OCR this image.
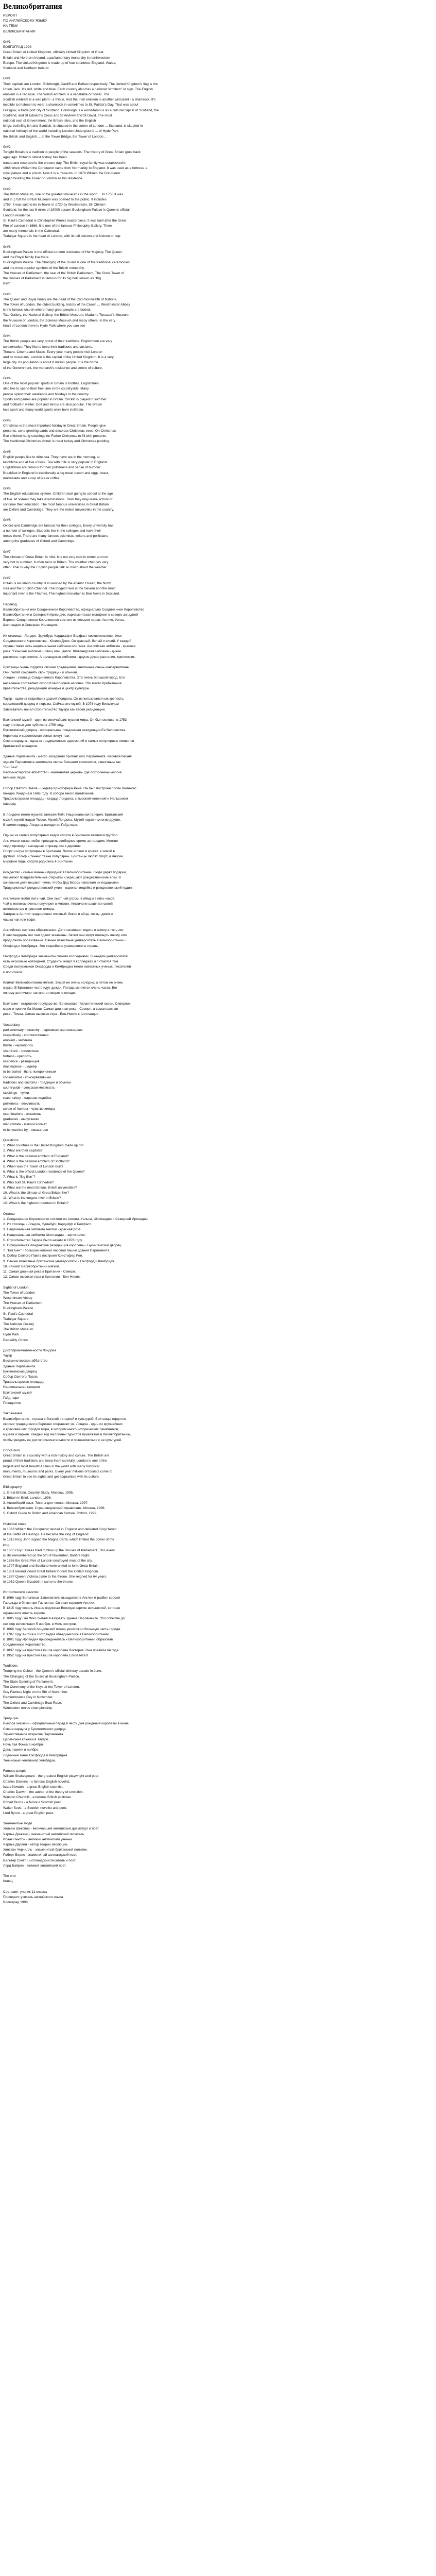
Великобритания
REPORT
ПО АНГЛИЙСКОМУ ЯЗЫКУ
НА ТЕМУ
ВЕЛИКОБРИТАНИЯ
Gr#1
ВОЛГОГРАД 1998
Great Britain or United Kingdom, officially United Kingdom of Great
Britain and Northern Ireland, a parliamentary monarchy in northwestern
Europe. The United Kingdom is made up of four countries: England, Wales,
Scotland and Northern Ireland.
Gr#1
Their capitals are London, Edinburgh, Cardiff and Belfast respectively. The United Kingdom's flag is the
Union Jack. It's red, white and blue. Each country also has a national "emblem" or sign. The English
emblem is a red rose. The Welsh emblem is a vegetable or flower. The
Scottish emblem is a wild plant - a thistle. And the Irish emblem is another wild plant - a shamrock. It's
inedible to Irishmen to wear a shamrock in sometimes to St. Patrick's Day. That was about
Glasgow, a trade port city of Scotland. Edinburgh is a world-famous as a cultural capital of Scotland, the
Scotland, and St Edward's Cross and St Andrew and St David. The most
national seat of Government, the British Isles, and the English
kings, both English and Scottish, is situated in the centre of London ... Scotland, is situated in
national holidays of the world including London Underground ... of Hyde Park
the British and English ... at the Tower Bridge, the Tower of London ...
Gr#2
Tonight Britain is a tradition to people of the seasons. The history of Great Britain goes back
ages ago. Britain's oldest history has been
traced and recorded to the present day. The British royal family was established in
1066 when William the Conqueror came from Normandy to England. It was used as a fortress, a
royal palace and a prison. Now it is a museum. In 1078 William the Conqueror
began building the Tower of London as his residence.
Gr#2
The British Museum, one of the greatest museums in the world ... In 1753 it was
and in 1759 the British Museum was opened to the public. It includes
1759. It was said to be in Tower in 1720 by Westminster, Sir Chiltern
Scotland, for the last 6 miles of 19000 square Buckingham Palace is Queen's official
London residence.
St. Paul's Cathedral is Christopher Wren's masterpiece. It was built after the Great
Fire of London in 1666. It is one of the famous Philosophy Gallery. There
are many memorials in the Cathedral.
Trafalgar Square is the heart of London, with its tall column and Nelson on top.
Gr#3
Buckingham Palace is the official London residence of Her Majesty. The Queen
and the Royal family live there.
Buckingham Palace. The Changing of the Guard is one of the traditional ceremonies
and the most popular symbols of the British monarchy.
The Houses of Parliament, the seat of the British Parliament. The Clock Tower of
the Houses of Parliament is famous for its big bell, known as "Big
Ben".
Gr#3
The Queen and Royal family are the head of the Commonwealth of Nations.
The Tower of London, the oldest building, history of the Crown ... Westminster Abbey
is the famous church where many great people are buried.
Tate Gallery, the National Gallery, the British Museum, Madame Tussaud's Museum,
the Museum of London, the Science Museum and many others. In the very
heart of London there is Hyde Park where you can see
Gr#4
The British people are very proud of their traditions. Englishmen are very
conservative. They like to keep their traditions and customs.
Theatre, Cinema and Music. Every year many people visit London
and its museums. London is the capital of the United Kingdom. It is a very
large city. Its population is about 8 million people. It is the home
of the Government, the monarch's residence and centre of culture.
Gr#4
One of the most popular sports in Britain is football. Englishmen
also like to spend their free time in the countryside. Many
people spend their weekends and holidays in the country ...
Sports and games are popular in Britain. Cricket is played in summer
and football in winter. Golf and tennis are also popular. The British
love sport and many world sports were born in Britain.
Gr#5
Christmas is the most important holiday in Great Britain. People give
presents, send greeting cards and decorate Christmas trees. On Christmas
Eve children hang stockings for Father Christmas to fill with presents.
The traditional Christmas dinner is roast turkey and Christmas pudding.
Gr#5
English people like to drink tea. They have tea in the morning, at
lunchtime and at five o'clock. Tea with milk is very popular in England.
Englishmen are famous for their politeness and sense of humour.
Breakfast in England is traditionally a big meal: bacon and eggs, toast,
marmalade and a cup of tea or coffee.
Gr#6
The English educational system. Children start going to school at the age
of five. At sixteen they take examinations. Then they may leave school or
continue their education. The most famous universities in Great Britain
are Oxford and Cambridge. They are the oldest universities in the country.
Gr#6
Oxford and Cambridge are famous for their colleges. Every university has
a number of colleges. Students live in the colleges and have their
meals there. There are many famous scientists, writers and politicians
among the graduates of Oxford and Cambridge.
Gr#7
The climate of Great Britain is mild. It is not very cold in winter and not
very hot in summer. It often rains in Britain. The weather changes very
often. That is why the English people talk so much about the weather.
Gr#7
Britain is an island country. It is washed by the Atlantic Ocean, the North
Sea and the English Channel. The longest river is the Severn and the most
important river is the Thames. The highest mountain is Ben Nevis in Scotland.
Перевод
Великобритания или Соединенное Королевство, официально Соединенное Королевство
Великобритании и Северной Ирландии, парламентская монархия в северо-западной
Европе. Соединенное Королевство состоит из четырех стран: Англия, Уэльс,
Шотландия и Северная Ирландия.
Их столицы - Лондон, Эдинбург, Кардифф и Белфаст соответственно. Флаг
Соединенного Королевства - Юнион Джек. Он красный, белый и синий. У каждой
страны также есть национальная эмблема или знак. Английская эмблема - красная
роза. Уэльская эмблема - овощ или цветок. Шотландская эмблема - дикое
растение, чертополох. А ирландская эмблема - другое дикое растение, трилистник.
Британцы очень гордятся своими традициями. Англичане очень консервативны.
Они любят сохранять свои традиции и обычаи.
Лондон - столица Соединенного Королевства. Это очень большой город. Его
население составляет около 8 миллионов человек. Это место пребывания
правительства, резиденция монарха и центр культуры.
Тауэр - одно из старейших зданий Лондона. Он использовался как крепость,
королевский дворец и тюрьма. Сейчас это музей. В 1078 году Вильгельм
Завоеватель начал строительство Тауэра как своей резиденции.
Британский музей - один из величайших музеев мира. Он был основан в 1753
году и открыт для публики в 1759 году.
Букингемский дворец - официальная лондонская резиденция Ее Величества.
Королева и королевская семья живут там.
Смена караула - одна из традиционных церемоний и самых популярных символов
британской монархии.
Здание Парламента - место заседаний британского Парламента. Часовая башня
здания Парламента знаменита своим большим колоколом, известным как
"Биг Бен".
Вестминстерское аббатство - знаменитая церковь, где похоронены многие
великие люди.
Собор Святого Павла - шедевр Кристофера Рена. Он был построен после Великого
пожара Лондона в 1666 году. В соборе много памятников.
Трафальгарская площадь - сердце Лондона, с высокой колонной и Нельсоном
наверху.
В Лондоне много музеев: галерея Тейт, Национальная галерея, Британский
музей, музей мадам Тюссо, Музей Лондона, Музей науки и многие другие.
В самом сердце Лондона находится Гайд-парк.
Одним из самых популярных видов спорта в Британии является футбол.
Англичане также любят проводить свободное время за городом. Многие
люди проводят выходные и праздники в деревне.
Спорт и игры популярны в Британии. Летом играют в крикет, а зимой в
футбол. Гольф и теннис также популярны. Британцы любят спорт, и многие
мировые виды спорта родились в Британии.
Рождество - самый важный праздник в Великобритании. Люди дарят подарки,
посылают поздравительные открытки и украшают рождественские елки. В
сочельник дети вешают чулки, чтобы Дед Мороз наполнил их подарками.
Традиционный рождественский ужин - жареная индейка и рождественский пудинг.
Англичане любят пить чай. Они пьют чай утром, в обед и в пять часов.
Чай с молоком очень популярен в Англии. Англичане славятся своей
вежливостью и чувством юмора.
Завтрак в Англии традиционно плотный: бекон и яйца, тосты, джем и
чашка чая или кофе.
Английская система образования. Дети начинают ходить в школу в пять лет.
В шестнадцать лет они сдают экзамены. Затем они могут покинуть школу или
продолжить образование. Самые известные университеты Великобритании -
Оксфорд и Кембридж. Это старейшие университеты страны.
Оксфорд и Кембридж знамениты своими колледжами. В каждом университете
есть несколько колледжей. Студенты живут в колледжах и питаются там.
Среди выпускников Оксфорда и Кембриджа много известных ученых, писателей
и политиков.
Климат Великобритании мягкий. Зимой не очень холодно, а летом не очень
жарко. В Британии часто идут дожди. Погода меняется очень часто. Вот
почему англичане так много говорят о погоде.
Британия - островное государство. Ее омывают Атлантический океан, Северное
море и пролив Ла-Манш. Самая длинная река - Северн, а самая важная
река - Темза. Самая высокая гора - Бен-Невис в Шотландии.
Vocabulary
parliamentary monarchy - парламентская монархия
respectively - соответственно
emblem - эмблема
thistle - чертополох
shamrock - трилистник
fortress - крепость
residence - резиденция
masterpiece - шедевр
to be buried - быть похороненным
conservative - консервативный
traditions and customs - традиции и обычаи
countryside - сельская местность
stockings - чулки
roast turkey - жареная индейка
politeness - вежливость
sense of humour - чувство юмора
examinations - экзамены
graduates - выпускники
mild climate - мягкий климат
to be washed by - омываться
Questions
1. What countries is the United Kingdom made up of?
2. What are their capitals?
3. What is the national emblem of England?
4. What is the national emblem of Scotland?
5. When was the Tower of London built?
6. What is the official London residence of the Queen?
7. What is "Big Ben"?
8. Who built St. Paul's Cathedral?
9. What are the most famous British universities?
10. What is the climate of Great Britain like?
11. What is the longest river in Britain?
12. What is the highest mountain in Britain?
Ответы
1. Соединенное Королевство состоит из Англии, Уэльса, Шотландии и Северной Ирландии.
2. Их столицы - Лондон, Эдинбург, Кардифф и Белфаст.
3. Национальная эмблема Англии - красная роза.
4. Национальная эмблема Шотландии - чертополох.
5. Строительство Тауэра было начато в 1078 году.
6. Официальная лондонская резиденция королевы - Букингемский дворец.
7. "Биг Бен" - большой колокол часовой башни здания Парламента.
8. Собор Святого Павла построил Кристофер Рен.
9. Самые известные британские университеты - Оксфорд и Кембридж.
10. Климат Великобритании мягкий.
11. Самая длинная река в Британии - Северн.
12. Самая высокая гора в Британии - Бен-Невис.
Sights of London
The Tower of London
Westminster Abbey
The Houses of Parliament
Buckingham Palace
St. Paul's Cathedral
Trafalgar Square
The National Gallery
The British Museum
Hyde Park
Piccadilly Circus
Достопримечательности Лондона
Тауэр
Вестминстерское аббатство
Здание Парламента
Букингемский дворец
Собор Святого Павла
Трафальгарская площадь
Национальная галерея
Британский музей
Гайд-парк
Пикадилли
Заключение
Великобритания - страна с богатой историей и культурой. Британцы гордятся
своими традициями и бережно сохраняют их. Лондон - один из крупнейших
и красивейших городов мира, в котором много исторических памятников,
музеев и парков. Каждый год миллионы туристов приезжают в Великобританию,
чтобы увидеть ее достопримечательности и познакомиться с ее культурой.
Conclusion
Great Britain is a country with a rich history and culture. The British are
proud of their traditions and keep them carefully. London is one of the
largest and most beautiful cities in the world with many historical
monuments, museums and parks. Every year millions of tourists come to
Great Britain to see its sights and get acquainted with its culture.
Bibliography
1. Great Britain. Country Study. Moscow, 1995.
2. Britain in Brief. London, 1996.
3. Английский язык. Тексты для чтения. Москва, 1997.
4. Великобритания. Страноведческий справочник. Москва, 1996.
5. Oxford Guide to British and American Culture. Oxford, 1999.
Historical notes
In 1066 William the Conqueror landed in England and defeated King Harold
at the Battle of Hastings. He became the king of England.
In 1215 King John signed the Magna Carta, which limited the power of the
king.
In 1605 Guy Fawkes tried to blow up the Houses of Parliament. This event
is still remembered on the 5th of November, Bonfire Night.
In 1666 the Great Fire of London destroyed most of the city.
In 1707 England and Scotland were united to form Great Britain.
In 1801 Ireland joined Great Britain to form the United Kingdom.
In 1837 Queen Victoria came to the throne. She reigned for 64 years.
In 1952 Queen Elizabeth II came to the throne.
Исторические заметки
В 1066 году Вильгельм Завоеватель высадился в Англии и разбил короля
Гарольда в битве при Гастингсе. Он стал королем Англии.
В 1215 году король Иоанн подписал Великую хартию вольностей, которая
ограничила власть короля.
В 1605 году Гай Фокс пытался взорвать здание Парламента. Это событие до
сих пор вспоминают 5 ноября, в Ночь костров.
В 1666 году Великий лондонский пожар уничтожил большую часть города.
В 1707 году Англия и Шотландия объединились в Великобританию.
В 1801 году Ирландия присоединилась к Великобритании, образовав
Соединенное Королевство.
В 1837 году на престол взошла королева Виктория. Она правила 64 года.
В 1952 году на престол взошла королева Елизавета II.
Traditions
Trooping the Colour - the Queen's official birthday parade in June.
The Changing of the Guard at Buckingham Palace.
The State Opening of Parliament.
The Ceremony of the Keys at the Tower of London.
Guy Fawkes Night on the 5th of November.
Remembrance Day in November.
The Oxford and Cambridge Boat Race.
Wimbledon tennis championship.
Традиции
Выноса знамени - официальный парад в честь дня рождения королевы в июне.
Смена караула у Букингемского дворца.
Торжественное открытие Парламента.
Церемония ключей в Тауэре.
Ночь Гая Фокса 5 ноября.
День памяти в ноябре.
Лодочные гонки Оксфорда и Кембриджа.
Теннисный чемпионат Уимблдон.
Famous people
William Shakespeare - the greatest English playwright and poet.
Charles Dickens - a famous English novelist.
Isaac Newton - a great English scientist.
Charles Darwin - the author of the theory of evolution.
Winston Churchill - a famous British politician.
Robert Burns - a famous Scottish poet.
Walter Scott - a Scottish novelist and poet.
Lord Byron - a great English poet.
Знаменитые люди
Уильям Шекспир - величайший английский драматург и поэт.
Чарльз Диккенс - знаменитый английский писатель.
Исаак Ньютон - великий английский ученый.
Чарльз Дарвин - автор теории эволюции.
Уинстон Черчилль - знаменитый британский политик.
Роберт Бернс - знаменитый шотландский поэт.
Вальтер Скотт - шотландский писатель и поэт.
Лорд Байрон - великий английский поэт.
The end
Конец
Составил: ученик 11 класса
Проверил: учитель английского языка
Волгоград 1998
